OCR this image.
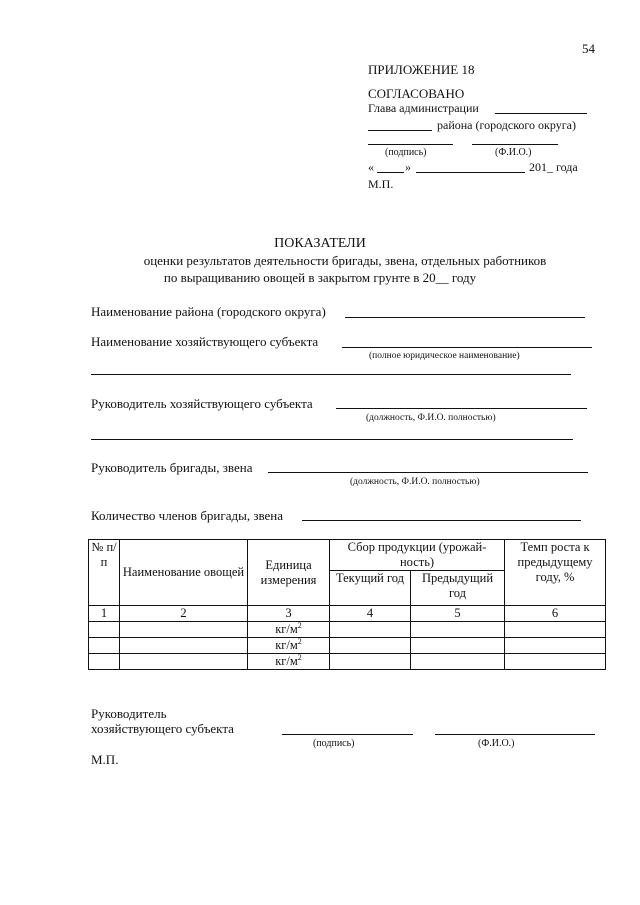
54
ПРИЛОЖЕНИЕ 18
СОГЛАСОВАНО
Глава администрации
района (городского округа)
(подпись)	(Ф.И.О.)
«	»	201_ года
М.П.
ПОКАЗАТЕЛИ
оценки результатов деятельности бригады, звена, отдельных работников
по выращиванию овощей в закрытом грунте в 20__ году
Наименование района (городского округа)
Наименование хозяйствующего субъекта
(полное юридическое наименование)
Руководитель хозяйствующего субъекта
(должность, Ф.И.О. полностью)
Руководитель бригады, звена
(должность, Ф.И.О. полностью)
Количество членов бригады, звена
№ п/п	Наименование овощей	Единица измерения	Сбор продукции (урожай-ность)		Темп роста к предыдущему году, %
			Текущий год	Предыдущий год	
1	2	3	4	5	6
		$кг/м^2$			
		$кг/м^2$			
		$кг/м^2$			
Руководитель
хозяйствующего субъекта
(подпись)	(Ф.И.О.)
М.П.
